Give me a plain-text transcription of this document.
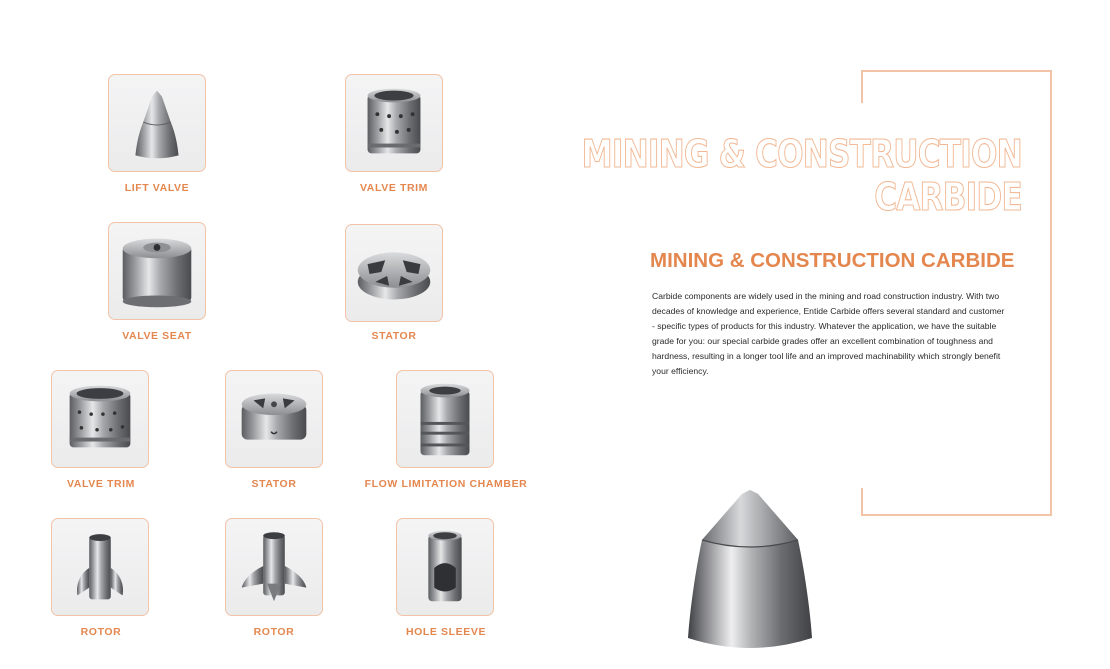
LIFT VALVE	VALVE TRIM
VALVE SEAT	STATOR
VALVE TRIM	STATOR	FLOW LIMITATION CHAMBER
ROTOR	ROTOR	HOLE SLEEVE
MINING & CONSTRUCTION
CARBIDE
MINING & CONSTRUCTION CARBIDE
Carbide components are widely used in the mining and road construction industry. With two decades of knowledge and experience, Entide Carbide offers several standard and customer - specific types of products for this industry. Whatever the application, we have the suitable grade for you: our special carbide grades offer an excellent combination of toughness and hardness, resulting in a longer tool life and an improved machinability which strongly benefit your efficiency.
